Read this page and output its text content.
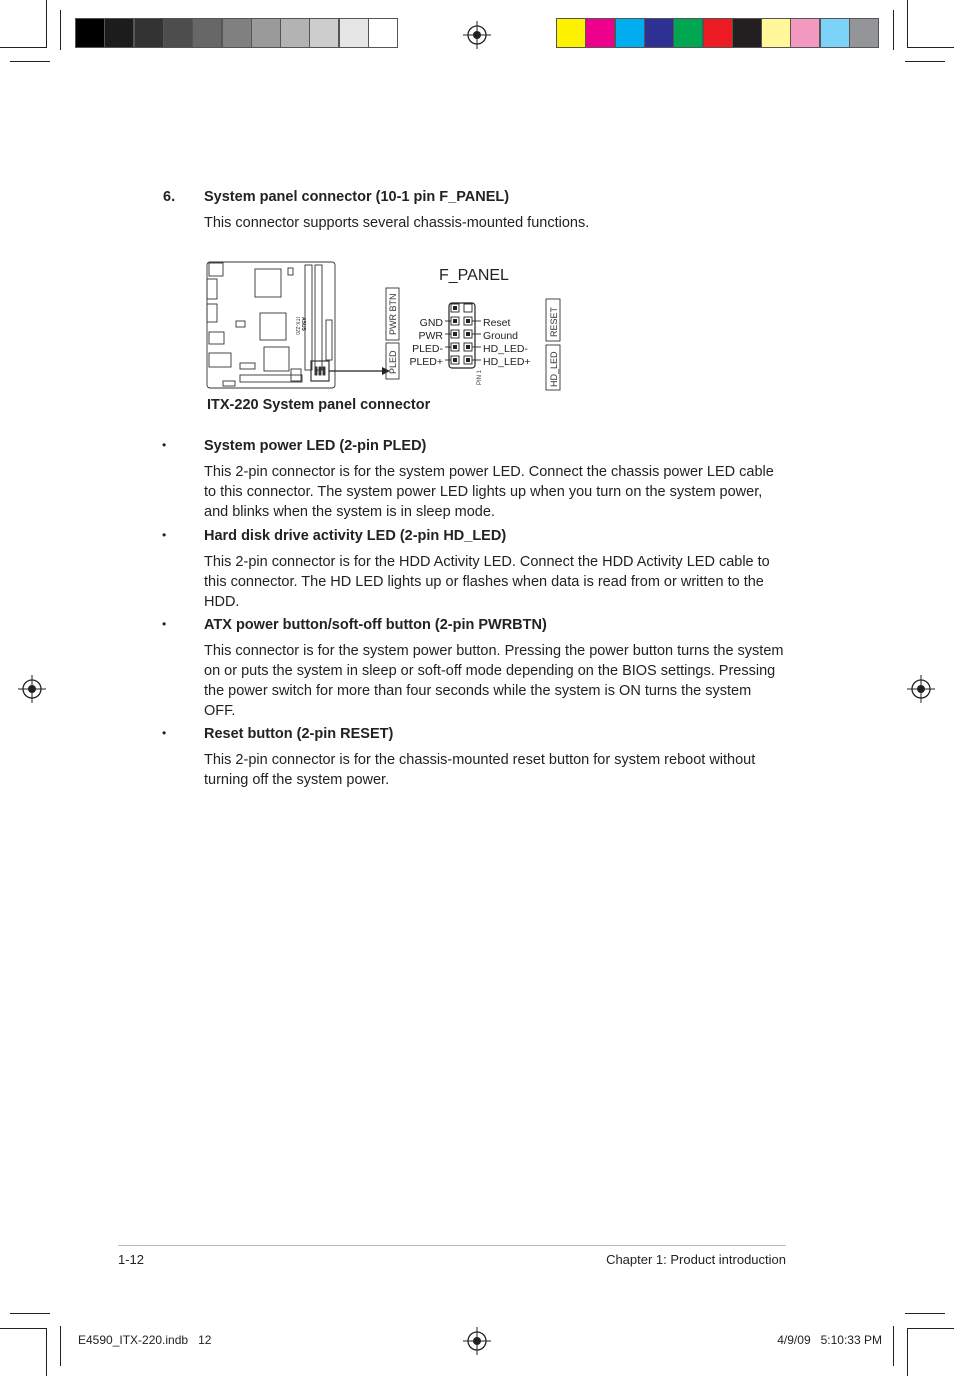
6. System panel connector (10-1 pin F_PANEL)
This connector supports several chassis-mounted functions.
ITX-220 ASUS
F_PANEL
PWR BTN
PLED
RESET
HD_LED
PIN 1
GND
PWR
PLED-
PLED+
Reset
Ground
HD_LED-
HD_LED+
ITX-220 System panel connector
•	System power LED (2-pin PLED)
This 2-pin connector is for the system power LED. Connect the chassis power LED cable to this connector. The system power LED lights up when you turn on the system power, and blinks when the system is in sleep mode.
•	Hard disk drive activity LED (2-pin HD_LED)
This 2-pin connector is for the HDD Activity LED. Connect the HDD Activity LED cable to this connector. The HD LED lights up or flashes when data is read from or written to the HDD.
•	ATX power button/soft-off button (2-pin PWRBTN)
This connector is for the system power button. Pressing the power button turns the system on or puts the system in sleep or soft-off mode depending on the BIOS settings. Pressing the power switch for more than four seconds while the system is ON turns the system OFF.
•	Reset button (2-pin RESET)
This 2-pin connector is for the chassis-mounted reset button for system reboot without turning off the system power.
1-12	Chapter 1: Product introduction
E4590_ITX-220.indb   12	4/9/09   5:10:33 PM
